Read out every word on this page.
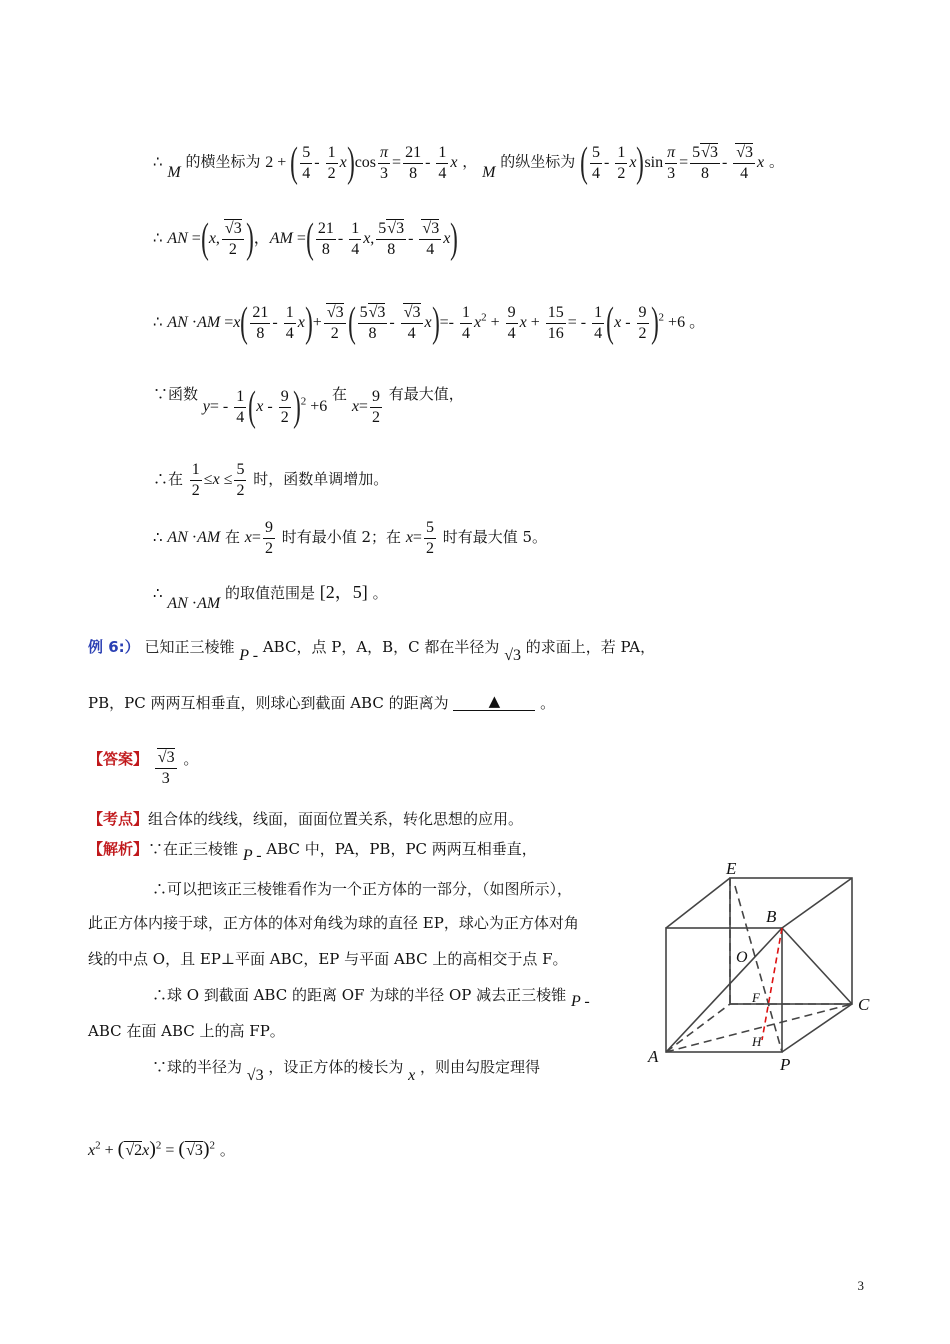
∴ M 的横坐标为 2 + ( $\frac{5}{4} - \frac{1}{2} x)\cos \frac{\pi}{3} = \frac{21}{8} - \frac{1}{4}$ x ， M 的纵坐标为 ( $\frac{5}{4} - \frac{1}{2} x)\sin \frac{\pi}{3} = \frac{5√3}{8} - \frac{√3}{4}$ x 。
∴ AN =(x, $\frac{√3}{2}$ )，AM =( $\frac{21}{8} - \frac{1}{4} x$, $\frac{5√3}{8} - \frac{√3}{4} x$)
∴ AN $\cdot AM =x( \frac{21}{8} - \frac{1}{4} x)+ \frac{√3}{2}$ ( $\frac{5√3}{8} - \frac{√3}{4} x)=- \frac{1}{4} x^2 + \frac{9}{4}$ $x + \frac{15}{16}$ = - $\frac{1}{4} (x - \frac{9}{2} )^2 +6$ 。
∵函数 $y= - \frac{1}{4} (x - \frac{9}{2} )^2 +6$ 在 $x= \frac{9}{2}$ 有最大值，
∴在 $\frac{1}{2} \le x \le \frac{5}{2}$ 时，函数单调增加。
∴ AN ·AM 在 $x= \frac{9}{2}$ 时有最小值 2；在 $x= \frac{5}{2}$ 时有最大值 5。
∴ AN ·AM 的取值范围是 [2，5] 。
例 6:） 已知正三棱锥 P - ABC，点 P，A，B，C 都在半径为 √3 的求面上，若 PA，
PB，PC 两两互相垂直，则球心到截面 ABC 的距离为	▲	。
【答案】 $\frac{√3}{3}$ 。
【考点】组合体的线线，线面，面面位置关系，转化思想的应用。
【解析】∵在正三棱锥 P - ABC 中，PA，PB，PC 两两互相垂直，
∴可以把该正三棱锥看作为一个正方体的一部分，（如图所示），
此正方体内接于球，正方体的体对角线为球的直径 EP，球心为正方体对角
线的中点 O，且 EP⊥平面 ABC，EP 与平面 ABC 上的高相交于点 F。
∴球 O 到截面 ABC 的距离 OF 为球的半径 OP 减去正三棱锥 P -
ABC 在面 ABC 上的高 FP。
∵球的半径为 √3 ，设正方体的棱长为 x ，则由勾股定理得
$x^2 + (√2x)^2 = (√3)^2$ 。
E
B
O
F	C
A
H
P
3
